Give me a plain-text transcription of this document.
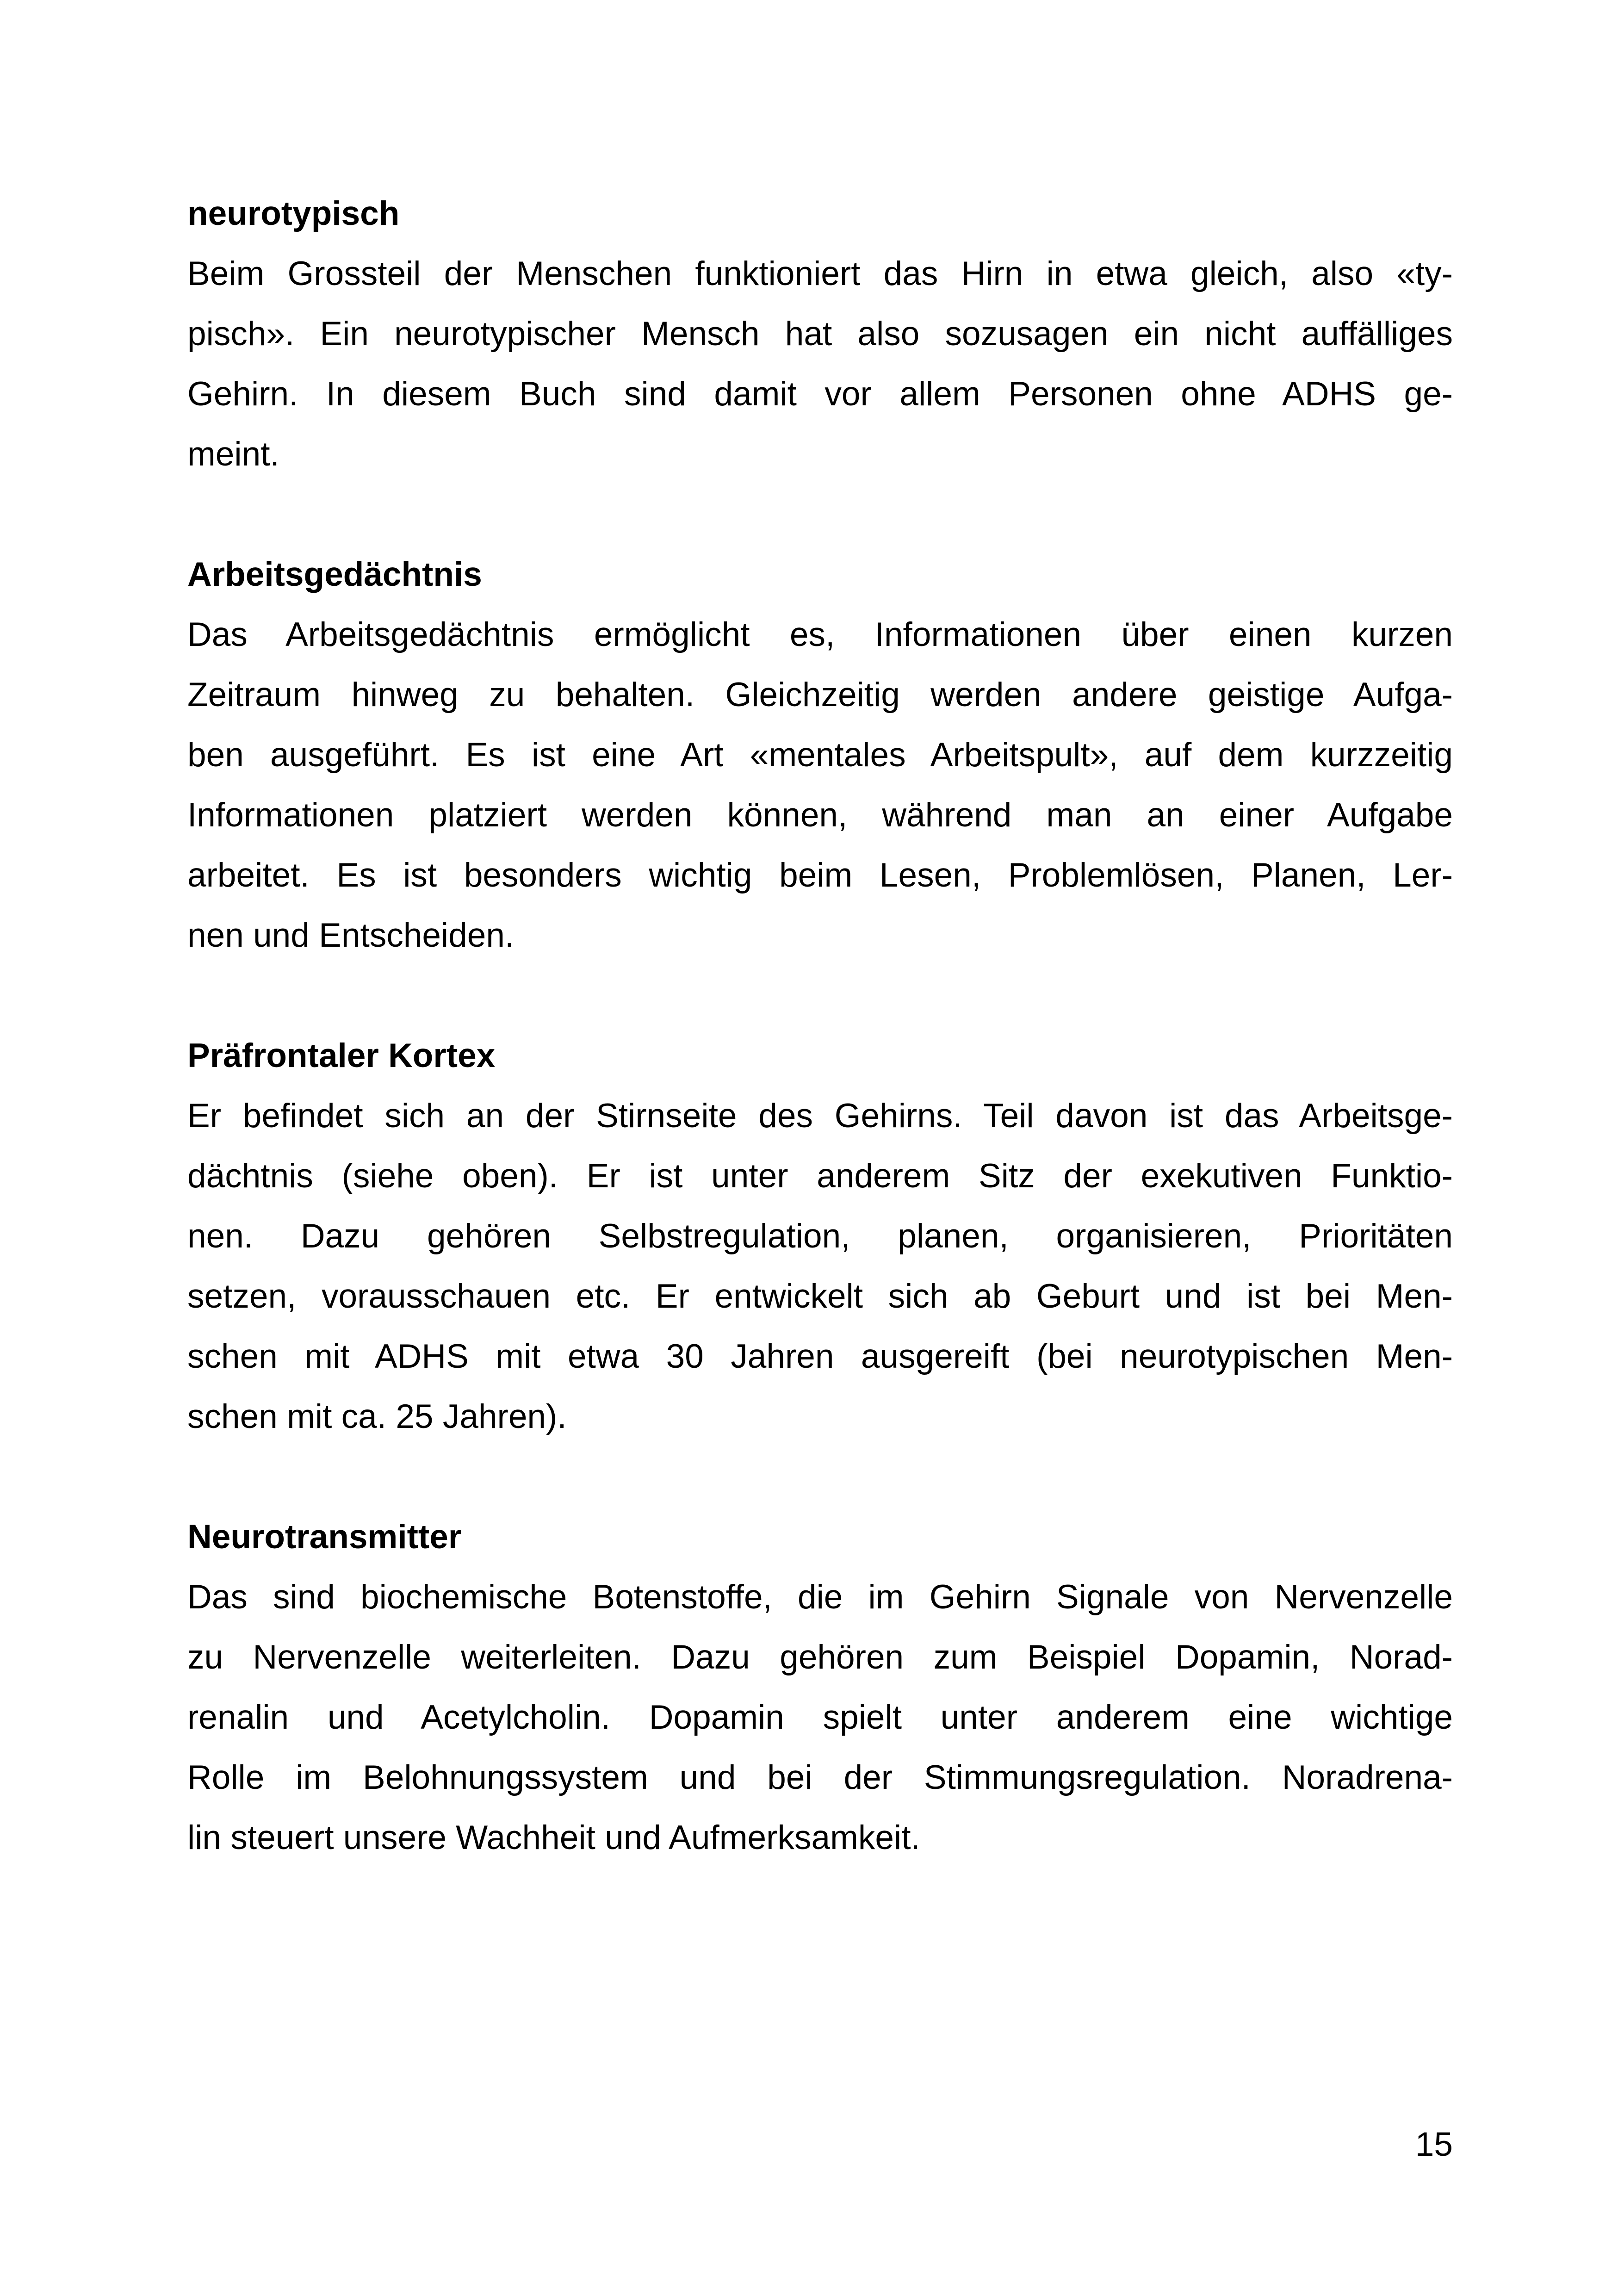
neurotypisch
Beim Grossteil der Menschen funktioniert das Hirn in etwa gleich, also «ty-
pisch». Ein neurotypischer Mensch hat also sozusagen ein nicht auffälliges
Gehirn. In diesem Buch sind damit vor allem Personen ohne ADHS ge-
meint.
Arbeitsgedächtnis
Das Arbeitsgedächtnis ermöglicht es, Informationen über einen kurzen
Zeitraum hinweg zu behalten. Gleichzeitig werden andere geistige Aufga-
ben ausgeführt. Es ist eine Art «mentales Arbeitspult», auf dem kurzzeitig
Informationen platziert werden können, während man an einer Aufgabe
arbeitet. Es ist besonders wichtig beim Lesen, Problemlösen, Planen, Ler-
nen und Entscheiden.
Präfrontaler Kortex
Er befindet sich an der Stirnseite des Gehirns. Teil davon ist das Arbeitsge-
dächtnis (siehe oben). Er ist unter anderem Sitz der exekutiven Funktio-
nen. Dazu gehören Selbstregulation, planen, organisieren, Prioritäten
setzen, vorausschauen etc. Er entwickelt sich ab Geburt und ist bei Men-
schen mit ADHS mit etwa 30 Jahren ausgereift (bei neurotypischen Men-
schen mit ca. 25 Jahren).
Neurotransmitter
Das sind biochemische Botenstoffe, die im Gehirn Signale von Nervenzelle
zu Nervenzelle weiterleiten. Dazu gehören zum Beispiel Dopamin, Norad-
renalin und Acetylcholin. Dopamin spielt unter anderem eine wichtige
Rolle im Belohnungssystem und bei der Stimmungsregulation. Noradrena-
lin steuert unsere Wachheit und Aufmerksamkeit.
15
